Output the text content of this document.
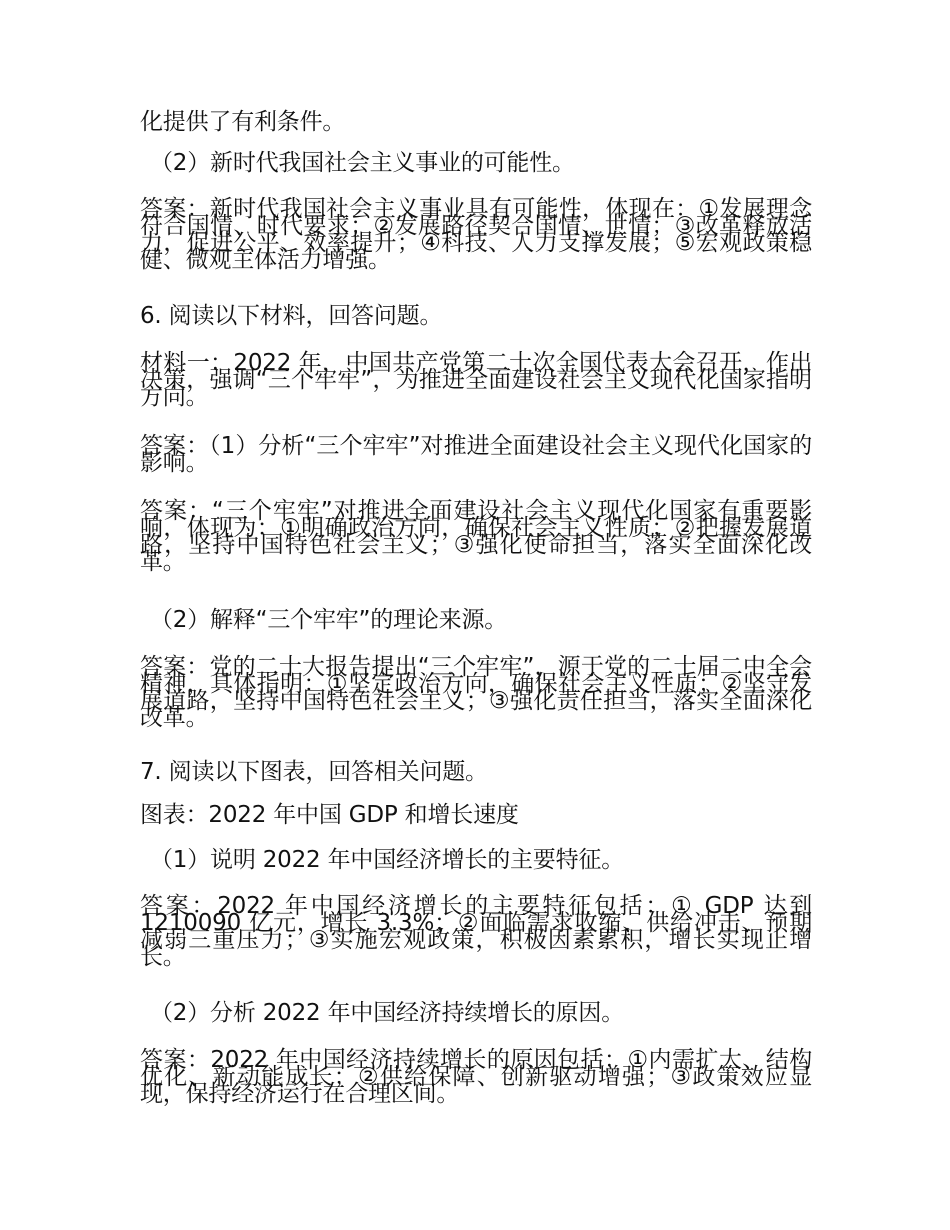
化提供了有利条件。

（2）新时代我国社会主义事业的可能性。

答案：新时代我国社会主义事业具有可能性，体现在：①发展理念符合国情、时代要求；②发展路径契合国情、世情；③改革释放活力，促进公平、效率提升；④科技、人力支撑发展；⑤宏观政策稳健、微观主体活力增强。

6. 阅读以下材料，回答问题。

材料一：2022 年，中国共产党第二十次全国代表大会召开，作出决策，强调“三个牢牢”，为推进全面建设社会主义现代化国家指明方向。

答案：（1）分析“三个牢牢”对推进全面建设社会主义现代化国家的影响。

答案：“三个牢牢”对推进全面建设社会主义现代化国家有重要影响，体现为：①明确政治方向，确保社会主义性质；②把握发展道路，坚持中国特色社会主义；③强化使命担当，落实全面深化改革。

（2）解释“三个牢牢”的理论来源。

答案：党的二十大报告提出“三个牢牢”，源于党的二十届二中全会精神，具体指明：①坚定政治方向，确保社会主义性质；②坚守发展道路，坚持中国特色社会主义；③强化责任担当，落实全面深化改革。

7. 阅读以下图表，回答相关问题。

图表：2022 年中国 GDP 和增长速度

（1）说明 2022 年中国经济增长的主要特征。

答案：2022 年中国经济增长的主要特征包括：① GDP 达到 1210090 亿元，增长 3.3%；②面临需求收缩、供给冲击、预期减弱三重压力；③实施宏观政策，积极因素累积，增长实现止增长。

（2）分析 2022 年中国经济持续增长的原因。

答案：2022 年中国经济持续增长的原因包括：①内需扩大、结构优化、新动能成长；②供给保障、创新驱动增强；③政策效应显现，保持经济运行在合理区间。
